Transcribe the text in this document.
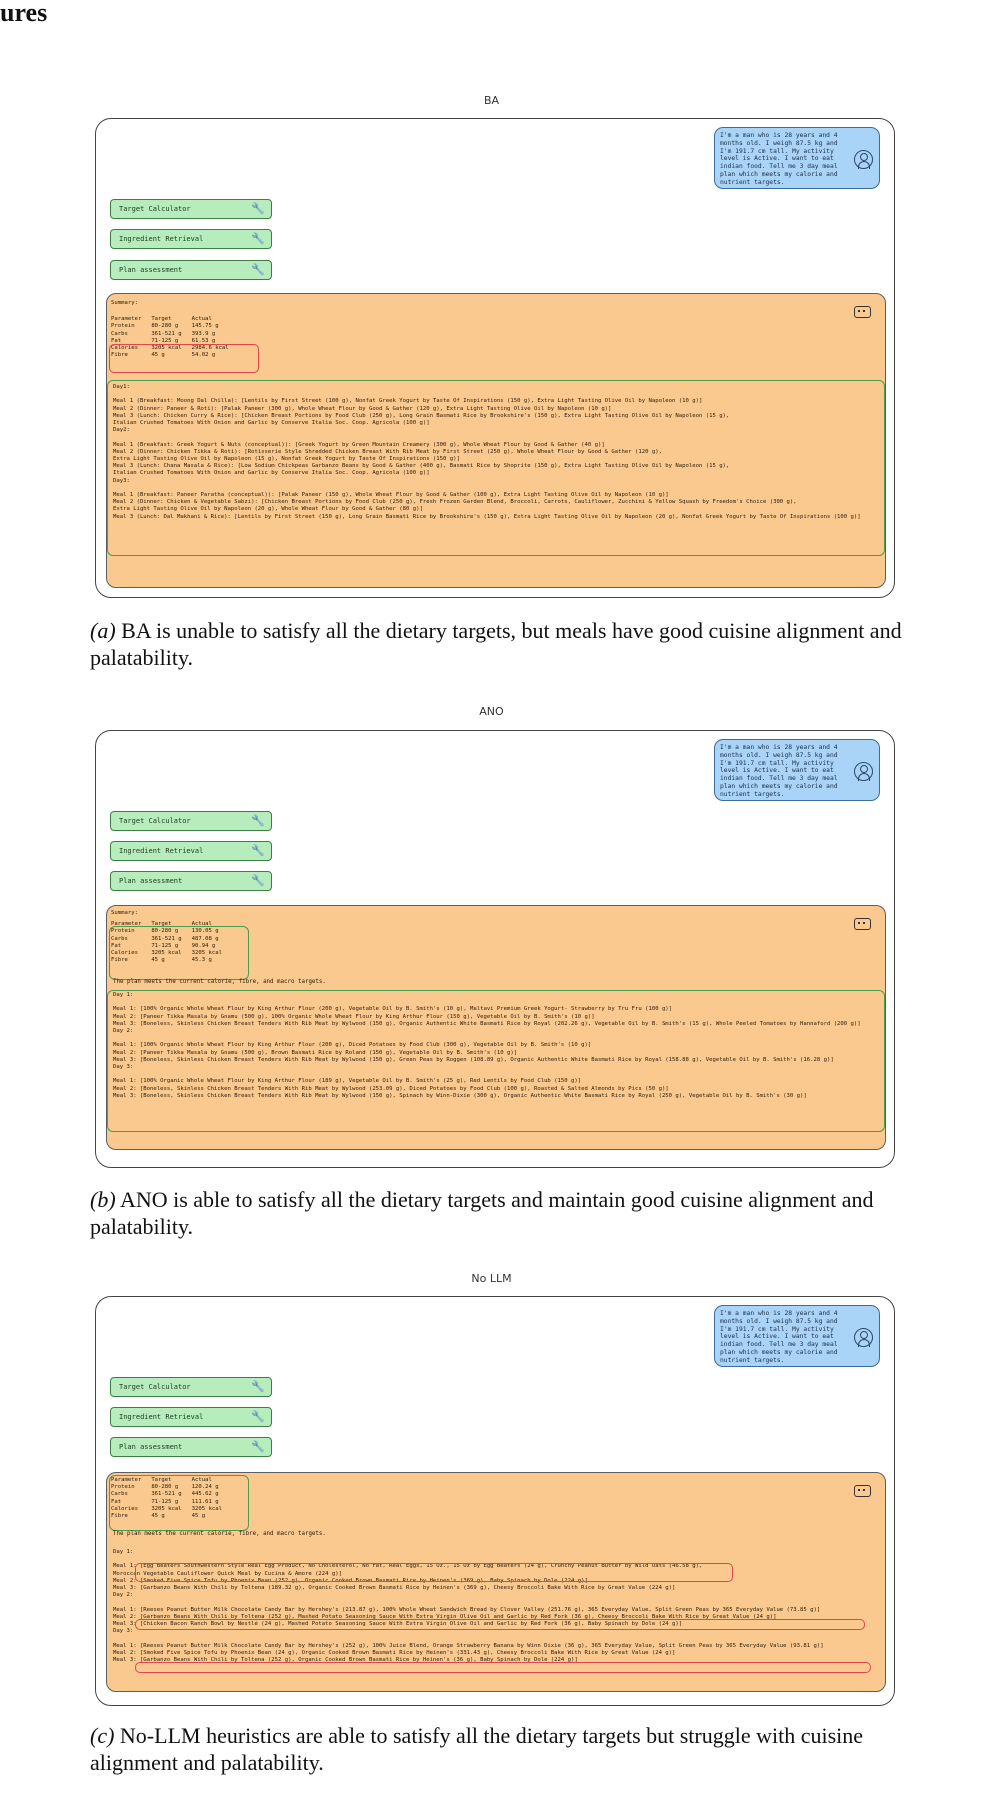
ures
BA
I'm a man who is 28 years and 4 months old. I weigh 87.5 kg and I'm 191.7 cm tall. My activity level is Active. I want to eat indian food. Tell me 3 day meal plan which meets my calorie and nutrient targets.
Target Calculator	🔧
Ingredient Retrieval	🔧
Plan assessment	🔧
Summary:
Parameter	Target	Actual
Protein	80-280 g	145.75 g
Carbs	361-521 g	393.9 g
Fat	71-125 g	61.53 g
Calories	3205 kcal	2984.6 kcal
Fibre	45 g	54.02 g
Day1:

Meal 1 (Breakfast: Moong Dal Chilla): [Lentils by First Street (100 g), Nonfat Greek Yogurt by Taste Of Inspirations (150 g), Extra Light Tasting Olive Oil by Napoleon (10 g)]
Meal 2 (Dinner: Paneer & Roti): [Palak Paneer (300 g), Whole Wheat Flour by Good & Gather (120 g), Extra Light Tasting Olive Oil by Napoleon (10 g)]
Meal 3 (Lunch: Chicken Curry & Rice): [Chicken Breast Portions by Food Club (250 g), Long Grain Basmati Rice by Brookshire's (150 g), Extra Light Tasting Olive Oil by Napoleon (15 g),
Italian Crushed Tomatoes With Onion and Garlic by Conserve Italia Soc. Coop. Agricola (100 g)]
Day2:

Meal 1 (Breakfast: Greek Yogurt & Nuts (conceptual)): [Greek Yogurt by Green Mountain Creamery (300 g), Whole Wheat Flour by Good & Gather (40 g)]
Meal 2 (Dinner: Chicken Tikka & Roti): [Rotisserie Style Shredded Chicken Breast With Rib Meat by First Street (250 g), Whole Wheat Flour by Good & Gather (120 g),
Extra Light Tasting Olive Oil by Napoleon (15 g), Nonfat Greek Yogurt by Taste Of Inspirations (150 g)]
Meal 3 (Lunch: Chana Masala & Rice): [Low Sodium Chickpeas Garbanzo Beans by Good & Gather (400 g), Basmati Rice by Shoprite (150 g), Extra Light Tasting Olive Oil by Napoleon (15 g),
Italian Crushed Tomatoes With Onion and Garlic by Conserve Italia Soc. Coop. Agricola (100 g)]
Day3:

Meal 1 (Breakfast: Paneer Paratha (conceptual)): [Palak Paneer (150 g), Whole Wheat Flour by Good & Gather (100 g), Extra Light Tasting Olive Oil by Napoleon (10 g)]
Meal 2 (Dinner: Chicken & Vegetable Sabzi): [Chicken Breast Portions by Food Club (250 g), Fresh Frozen Garden Blend, Broccoli, Carrots, Cauliflower, Zucchini & Yellow Squash by Freedom's Choice (300 g),
Extra Light Tasting Olive Oil by Napoleon (20 g), Whole Wheat Flour by Good & Gather (80 g)]
Meal 3 (Lunch: Dal Makhani & Rice): [Lentils by First Street (150 g), Long Grain Basmati Rice by Brookshire's (150 g), Extra Light Tasting Olive Oil by Napoleon (20 g), Nonfat Greek Yogurt by Taste Of Inspirations (100 g)]
(a) BA is unable to satisfy all the dietary targets, but meals have good cuisine alignment and palatability.
ANO
I'm a man who is 28 years and 4 months old. I weigh 87.5 kg and I'm 191.7 cm tall. My activity level is Active. I want to eat indian food. Tell me 3 day meal plan which meets my calorie and nutrient targets.
Target Calculator	🔧
Ingredient Retrieval	🔧
Plan assessment	🔧
Summary:
Parameter	Target	Actual
Protein	80-280 g	130.05 g
Carbs	361-521 g	487.08 g
Fat	71-125 g	90.94 g
Calories	3205 kcal	3205 kcal
Fibre	45 g	45.3 g
The plan meets the current calorie, fibre, and macro targets.
Day 1:

Meal 1: [100% Organic Whole Wheat Flour by King Arthur Flour (200 g), Vegetable Oil by B. Smith's (10 g), Maltavi Premium Greek Yogurt- Strawberry by Tru Fru (100 g)]
Meal 2: [Paneer Tikka Masala by Gnamu (500 g), 100% Organic Whole Wheat Flour by King Arthur Flour (150 g), Vegetable Oil by B. Smith's (10 g)]
Meal 3: [Boneless, Skinless Chicken Breast Tenders With Rib Meat by Wylwood (150 g), Organic Authentic White Basmati Rice by Royal (202.26 g), Vegetable Oil by B. Smith's (15 g), Whole Peeled Tomatoes by Hannaford (200 g)]
Day 2:

Meal 1: [100% Organic Whole Wheat Flour by King Arthur Flour (200 g), Diced Potatoes by Food Club (300 g), Vegetable Oil by B. Smith's (10 g)]
Meal 2: [Paneer Tikka Masala by Gnamu (500 g), Brown Basmati Rice by Roland (150 g), Vegetable Oil by B. Smith's (10 g)]
Meal 3: [Boneless, Skinless Chicken Breast Tenders With Rib Meat by Wylwood (150 g), Green Peas by Roggen (108.89 g), Organic Authentic White Basmati Rice by Royal (158.88 g), Vegetable Oil by B. Smith's (16.28 g)]
Day 3:

Meal 1: [100% Organic Whole Wheat Flour by King Arthur Flour (189 g), Vegetable Oil by B. Smith's (25 g), Red Lentils by Food Club (150 g)]
Meal 2: [Boneless, Skinless Chicken Breast Tenders With Rib Meat by Wylwood (253.09 g), Diced Potatoes by Food Club (100 g), Roasted & Salted Almonds by Pics (50 g)]
Meal 3: [Boneless, Skinless Chicken Breast Tenders With Rib Meat by Wylwood (150 g), Spinach by Winn-Dixie (300 g), Organic Authentic White Basmati Rice by Royal (250 g), Vegetable Oil by B. Smith's (30 g)]
(b) ANO is able to satisfy all the dietary targets and maintain good cuisine alignment and palatability.
No LLM
I'm a man who is 28 years and 4 months old. I weigh 87.5 kg and I'm 191.7 cm tall. My activity level is Active. I want to eat indian food. Tell me 3 day meal plan which meets my calorie and nutrient targets.
Target Calculator	🔧
Ingredient Retrieval	🔧
Plan assessment	🔧
Parameter	Target	Actual
Protein	80-280 g	120.24 g
Carbs	361-521 g	445.62 g
Fat	71-125 g	111.61 g
Calories	3205 kcal	3205 kcal
Fibre	45 g	45 g
The plan meets the current calorie, fibre, and macro targets.
Day 1:

Meal 1: [Egg Beaters Southwestern Style Real Egg Product, No Cholesterol, No Fat, Real Eggs, 15 Oz., 15 Oz by Egg Beaters (24 g), Crunchy Peanut Butter by Wild Oats (46.58 g),
Moroccan Vegetable Cauliflower Quick Meal by Cucina & Amore (224 g)]
Meal 2: [Smoked Five Spice Tofu by Phoenix Bean (252 g), Organic Cooked Brown Basmati Rice by Heinen's (369 g), Baby Spinach by Dole (224 g)]
Meal 3: [Garbanzo Beans With Chili by Toltena (189.32 g), Organic Cooked Brown Basmati Rice by Heinen's (369 g), Cheesy Broccoli Bake With Rice by Great Value (224 g)]
Day 2:

Meal 1: [Reeses Peanut Butter Milk Chocolate Candy Bar by Hershey's (213.87 g), 100% Whole Wheat Sandwich Bread by Clover Valley (251.76 g), 365 Everyday Value, Split Green Peas by 365 Everyday Value (73.85 g)]
Meal 2: [Garbanzo Beans With Chili by Toltena (252 g), Mashed Potato Seasoning Sauce With Extra Virgin Olive Oil and Garlic by Red Fork (36 g), Cheesy Broccoli Bake With Rice by Great Value (24 g)]
Meal 3: [Chicken Bacon Ranch Bowl by Nestlé (24 g), Mashed Potato Seasoning Sauce With Extra Virgin Olive Oil and Garlic by Red Fork (36 g), Baby Spinach by Dole (24 g)]
Day 3:

Meal 1: [Reeses Peanut Butter Milk Chocolate Candy Bar by Hershey's (252 g), 100% Juice Blend, Orange Strawberry Banana by Winn Dixie (36 g), 365 Everyday Value, Split Green Peas by 365 Everyday Value (93.81 g)]
Meal 2: [Smoked Five Spice Tofu by Phoenix Bean (24 g), Organic Cooked Brown Basmati Rice by Heinen's (331.43 g), Cheesy Broccoli Bake With Rice by Great Value (24 g)]
Meal 3: [Garbanzo Beans With Chili by Toltena (252 g), Organic Cooked Brown Basmati Rice by Heinen's (36 g), Baby Spinach by Dole (224 g)]
(c) No-LLM heuristics are able to satisfy all the dietary targets but struggle with cuisine alignment and palatability.
